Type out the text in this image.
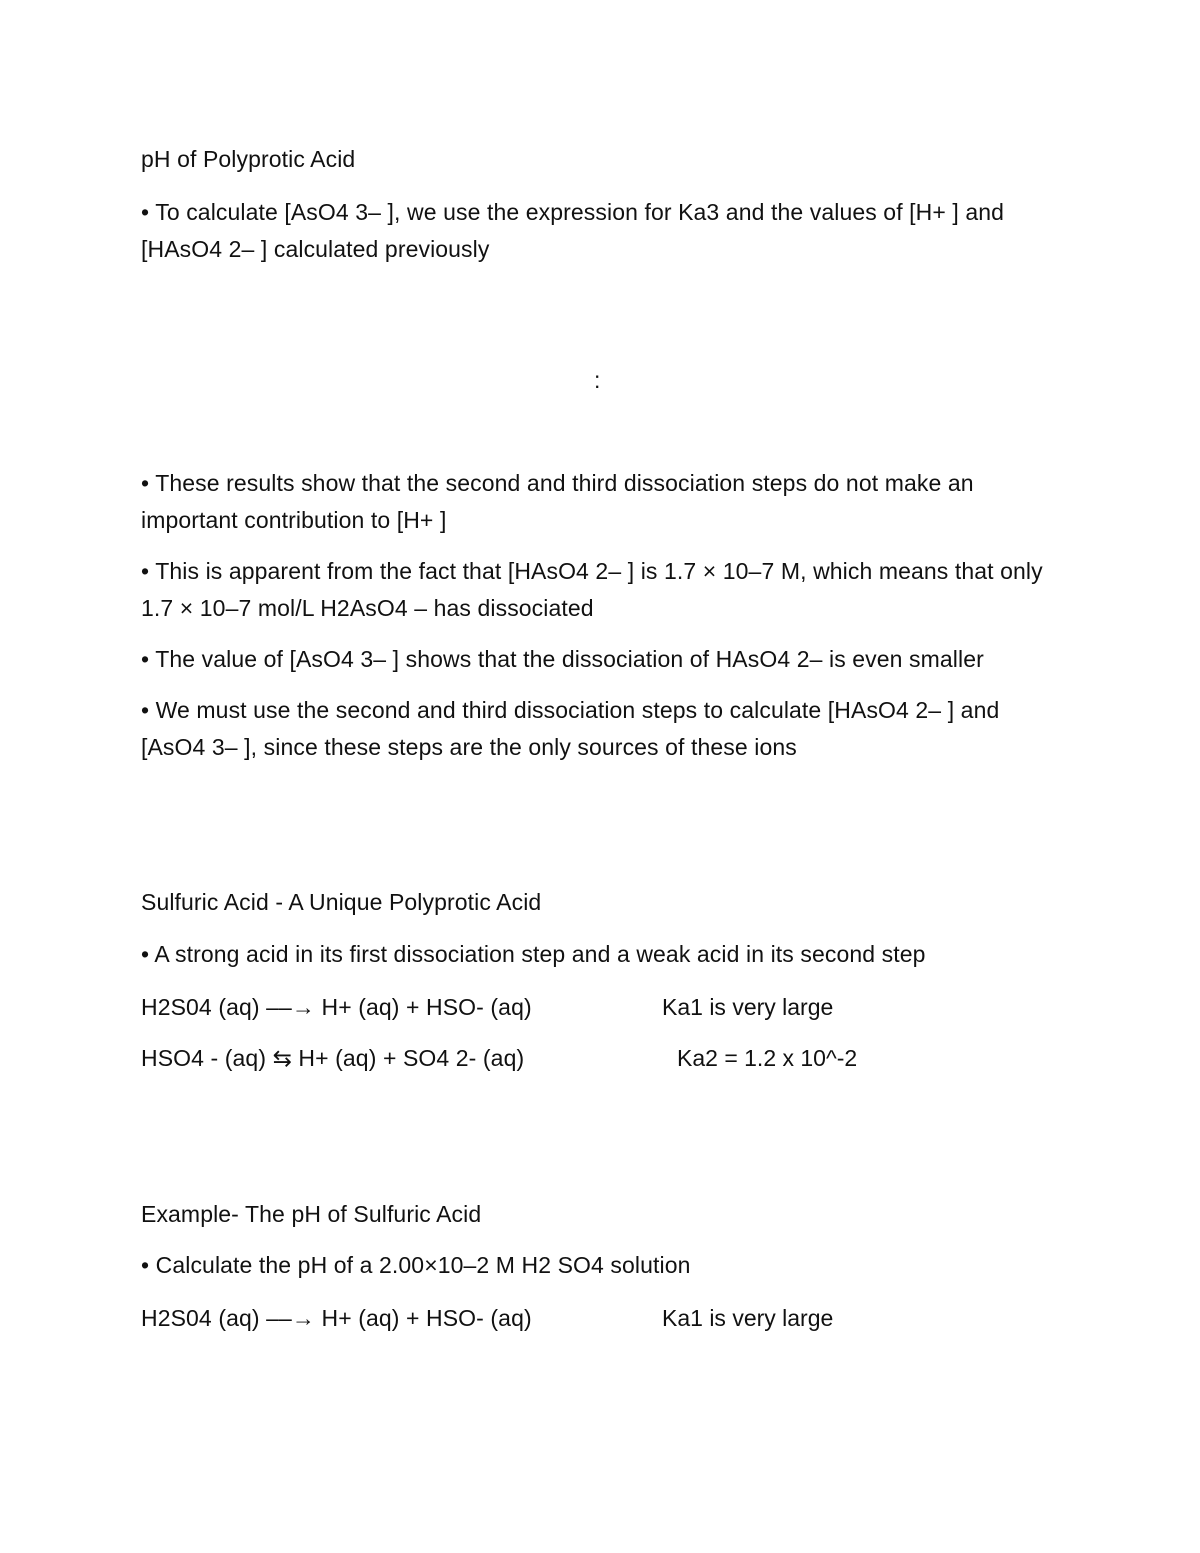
pH of Polyprotic Acid
• To calculate [AsO4 3– ], we use the expression for Ka3 and the values of [H+ ] and [HAsO4 2– ] calculated previously
:
• These results show that the second and third dissociation steps do not make an important contribution to [H+ ]
• This is apparent from the fact that [HAsO4 2– ] is 1.7 × 10–7 M, which means that only 1.7 × 10–7 mol/L H2AsO4 – has dissociated
• The value of [AsO4 3– ] shows that the dissociation of HAsO4 2– is even smaller
• We must use the second and third dissociation steps to calculate [HAsO4 2– ] and [AsO4 3– ], since these steps are the only sources of these ions
Sulfuric Acid - A Unique Polyprotic Acid
• A strong acid in its first dissociation step and a weak acid in its second step
H2S04 (aq) ––→ H+ (aq) + HSO- (aq)	Ka1 is very large
HSO4 - (aq) ⇆ H+ (aq) + SO4 2- (aq)	Ka2 = 1.2 x 10^-2
Example- The pH of Sulfuric Acid
• Calculate the pH of a 2.00×10–2 M H2 SO4 solution
H2S04 (aq) ––→ H+ (aq) + HSO- (aq)	Ka1 is very large
